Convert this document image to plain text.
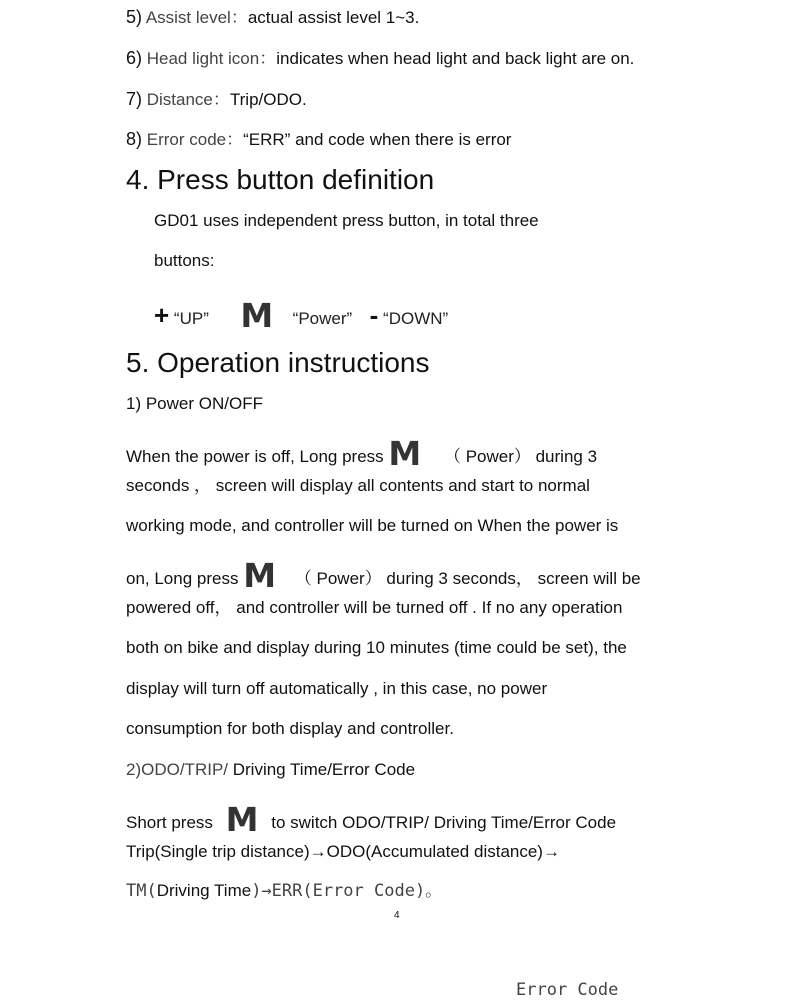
5) Assist level：actual assist level 1~3.
6) Head light icon：indicates when head light and back light are on.
7) Distance：Trip/ODO.
8) Error code：“ERR” and code when there is error
4. Press button definition
GD01 uses independent press button, in total three
buttons:
+ “UP” M “Power” - “DOWN”
5. Operation instructions
1) Power ON/OFF
When the power is off, Long press M （ Power） during 3
seconds ， screen will display all contents and start to normal
working mode, and controller will be turned on When the power is
on, Long press M （ Power） during 3 seconds， screen will be
powered off， and controller will be turned off . If no any operation
both on bike and display during 10 minutes (time could be set), the
display will turn off automatically , in this case, no power
consumption for both display and controller.
2)ODO/TRIP/ Driving Time/Error Code
Short press M to switch ODO/TRIP/ Driving Time/Error Code
Trip(Single trip distance)→ODO(Accumulated distance)→
TM(Driving Time)→ERR(Error Code)。
4
Error Code
